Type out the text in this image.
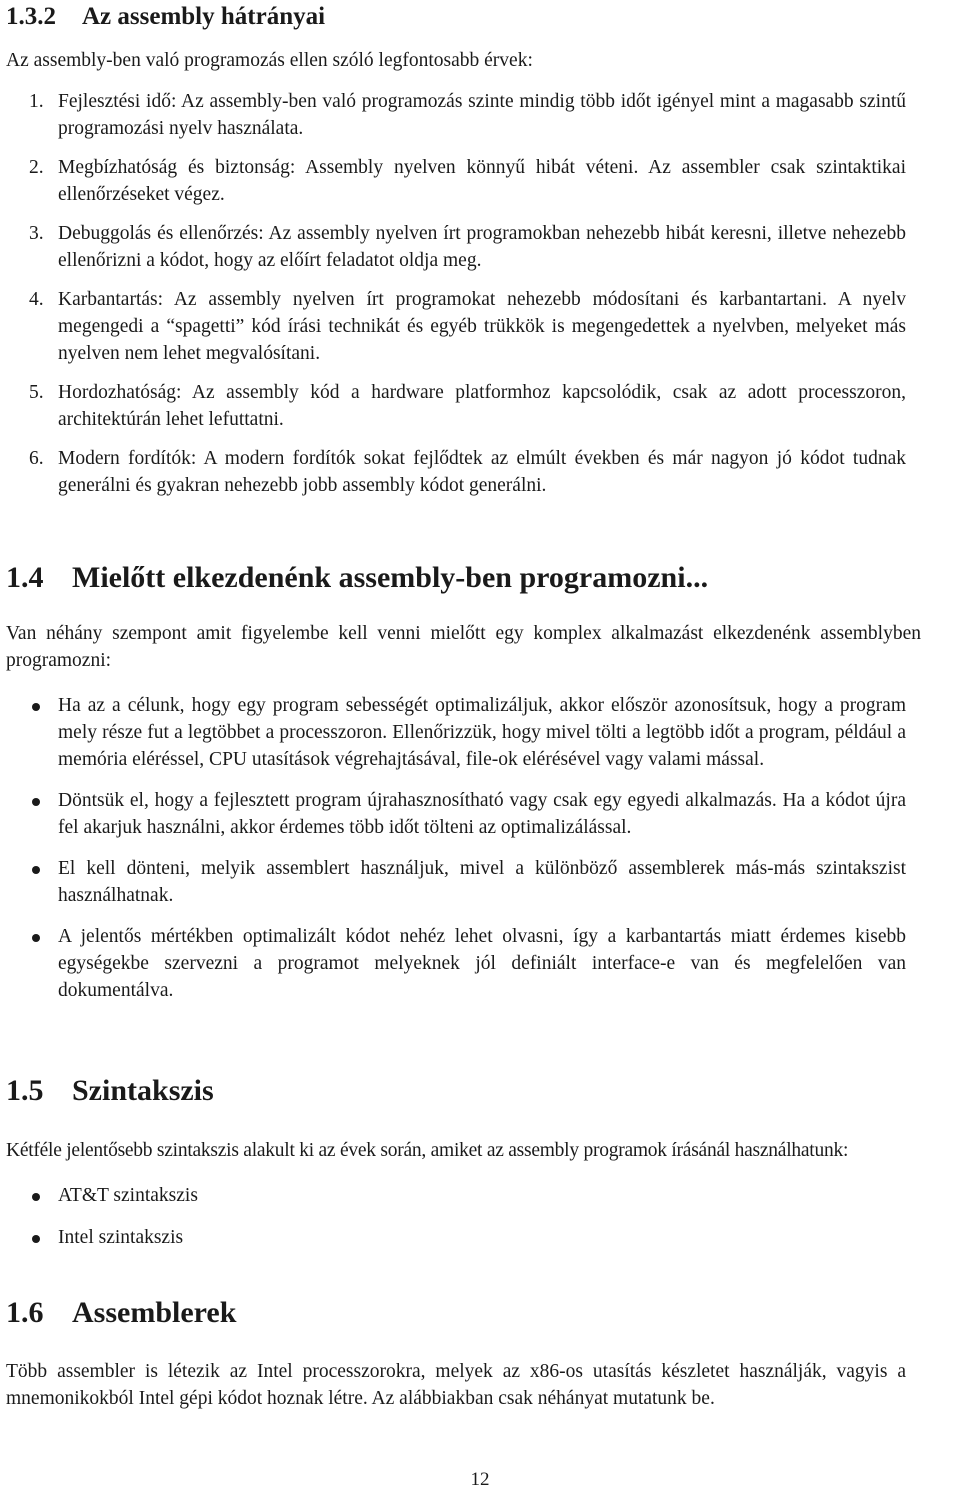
1.3.2 Az assembly hátrányai

Az assembly-ben való programozás ellen szóló legfontosabb érvek:

1. Fejlesztési idő: Az assembly-ben való programozás szinte mindig több időt igényel mint a magasabb szintű programozási nyelv használata.
2. Megbízhatóság és biztonság: Assembly nyelven könnyű hibát véteni. Az assembler csak szintaktikai ellenőrzéseket végez.
3. Debuggolás és ellenőrzés: Az assembly nyelven írt programokban nehezebb hibát keresni, illetve nehezebb ellenőrizni a kódot, hogy az előírt feladatot oldja meg.
4. Karbantartás: Az assembly nyelven írt programokat nehezebb módosítani és karbantartani. A nyelv megengedi a “spagetti” kód írási technikát és egyéb trükkök is megengedettek a nyelvben, melyeket más nyelven nem lehet megvalósítani.
5. Hordozhatóság: Az assembly kód a hardware platformhoz kapcsolódik, csak az adott processzoron, architektúrán lehet lefuttatni.
6. Modern fordítók: A modern fordítók sokat fejlődtek az elmúlt években és már nagyon jó kódot tudnak generálni és gyakran nehezebb jobb assembly kódot generálni.
1.4 Mielőtt elkezdenénk assembly-ben programozni...

Van néhány szempont amit figyelembe kell venni mielőtt egy komplex alkalmazást elkezdenénk assemblyben programozni:

Ha az a célunk, hogy egy program sebességét optimalizáljuk, akkor először azonosítsuk, hogy a program mely része fut a legtöbbet a processzoron. Ellenőrizzük, hogy mivel tölti a legtöbb időt a program, például a memória eléréssel, CPU utasítások végrehajtásával, file-ok elérésével vagy valami mással.
Döntsük el, hogy a fejlesztett program újrahasznosítható vagy csak egy egyedi alkalmazás. Ha a kódot újra fel akarjuk használni, akkor érdemes több időt tölteni az optimalizálással.
El kell dönteni, melyik assemblert használjuk, mivel a különböző assemblerek más-más szintakszist használhatnak.
A jelentős mértékben optimalizált kódot nehéz lehet olvasni, így a karbantartás miatt érdemes kisebb egységekbe szervezni a programot melyeknek jól definiált interface-e van és megfelelően van dokumentálva.
1.5 Szintakszis

Kétféle jelentősebb szintakszis alakult ki az évek során, amiket az assembly programok írásánál használhatunk:

AT&T szintakszis
Intel szintakszis
1.6 Assemblerek

Több assembler is létezik az Intel processzorokra, melyek az x86-os utasítás készletet használják, vagyis a mnemonikokból Intel gépi kódot hoznak létre. Az alábbiakban csak néhányat mutatunk be.

12
